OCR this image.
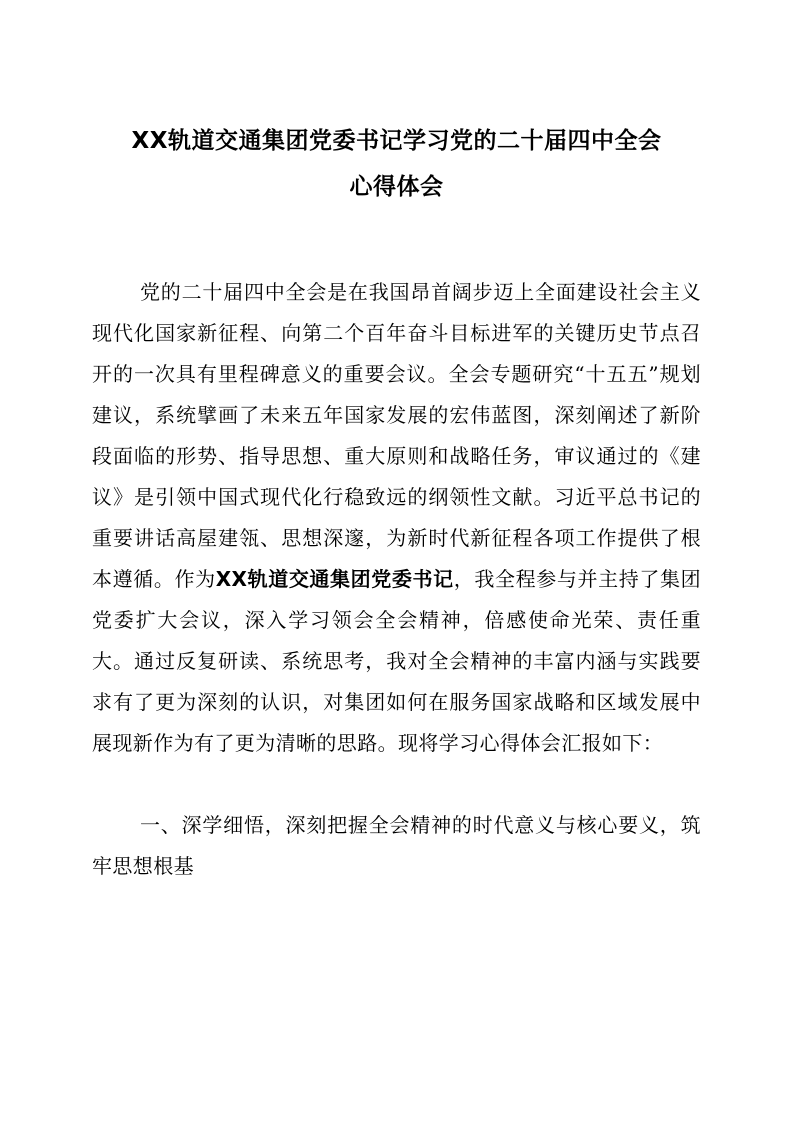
XX轨道交通集团党委书记学习党的二十届四中全会
心得体会

党的二十届四中全会是在我国昂首阔步迈上全面建设社会主义现代化国家新征程、向第二个百年奋斗目标进军的关键历史节点召开的一次具有里程碑意义的重要会议。全会专题研究“十五五”规划建议，系统擘画了未来五年国家发展的宏伟蓝图，深刻阐述了新阶段面临的形势、指导思想、重大原则和战略任务，审议通过的《建议》是引领中国式现代化行稳致远的纲领性文献。习近平总书记的重要讲话高屋建瓴、思想深邃，为新时代新征程各项工作提供了根本遵循。作为XX轨道交通集团党委书记，我全程参与并主持了集团党委扩大会议，深入学习领会全会精神，倍感使命光荣、责任重大。通过反复研读、系统思考，我对全会精神的丰富内涵与实践要求有了更为深刻的认识，对集团如何在服务国家战略和区域发展中展现新作为有了更为清晰的思路。现将学习心得体会汇报如下：

一、深学细悟，深刻把握全会精神的时代意义与核心要义，筑牢思想根基
